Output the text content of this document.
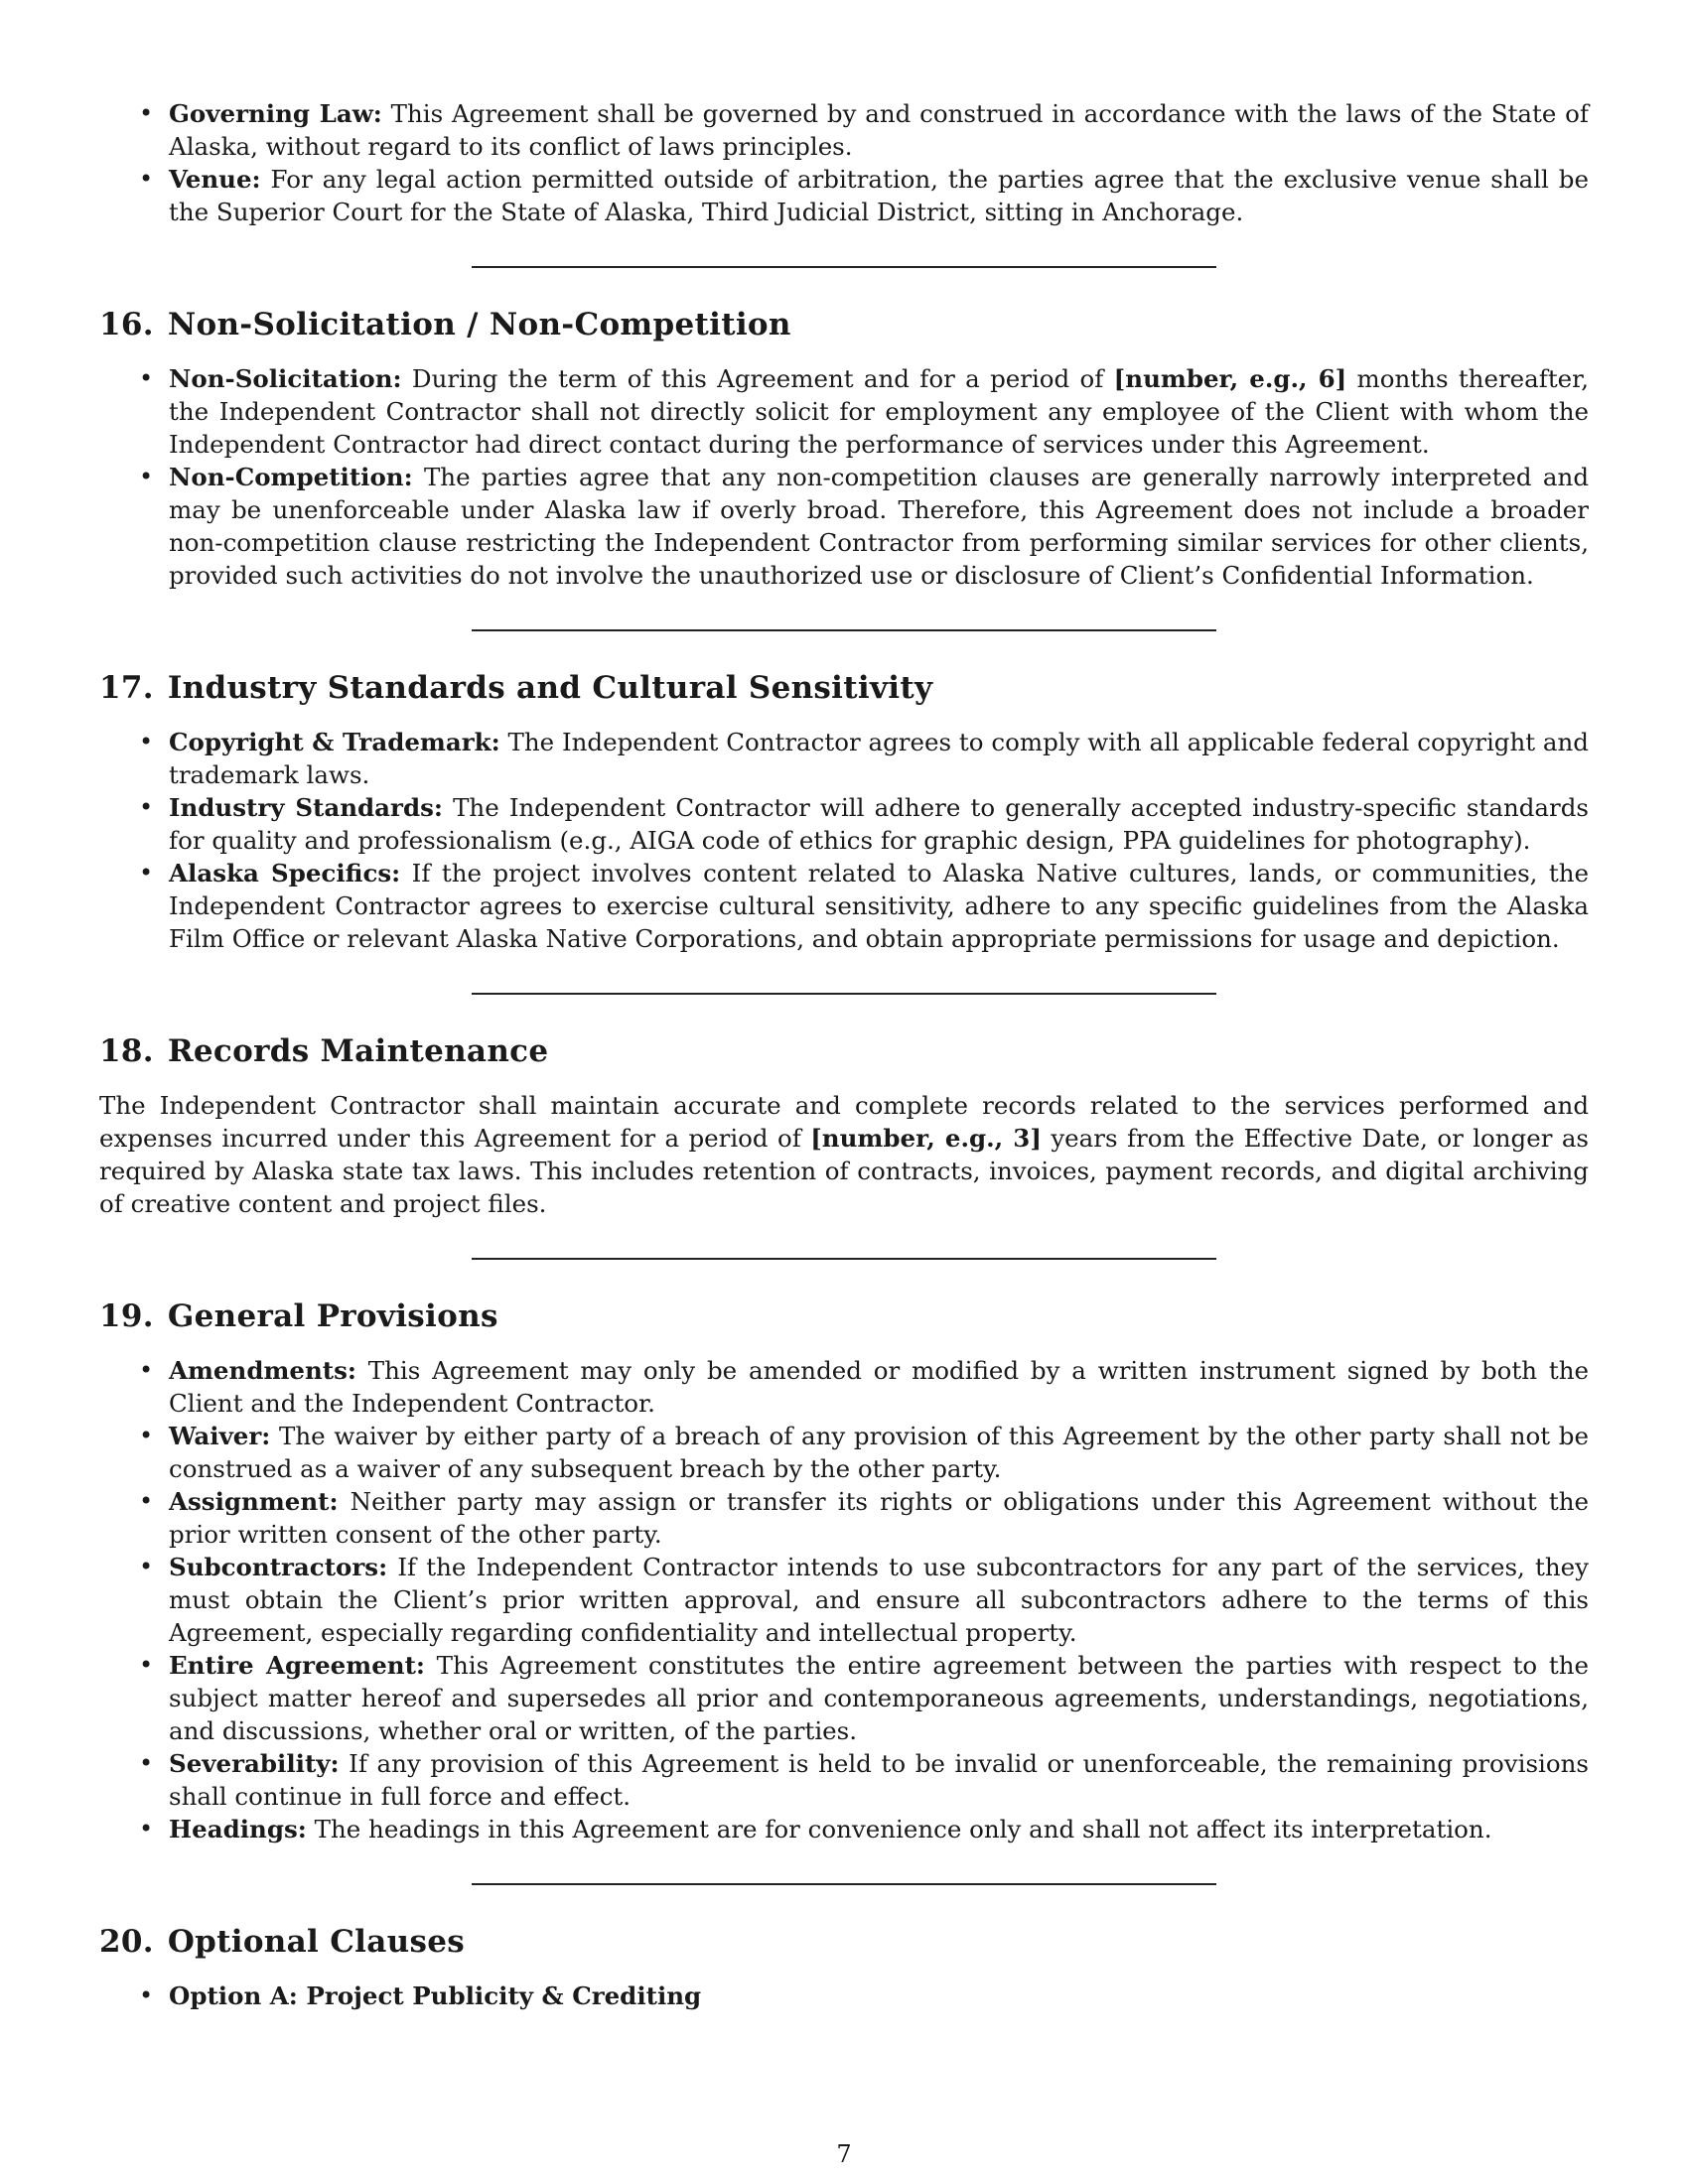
• Governing Law: This Agreement shall be governed by and construed in accordance with the laws of the State of Alaska, without regard to its conflict of laws principles.
• Venue: For any legal action permitted outside of arbitration, the parties agree that the exclusive venue shall be the Superior Court for the State of Alaska, Third Judicial District, sitting in Anchorage.
16. Non-Solicitation / Non-Competition
• Non-Solicitation: During the term of this Agreement and for a period of [number, e.g., 6] months thereafter, the Independent Contractor shall not directly solicit for employment any employee of the Client with whom the Independent Contractor had direct contact during the performance of services under this Agreement.
• Non-Competition: The parties agree that any non-competition clauses are generally narrowly interpreted and may be unenforceable under Alaska law if overly broad. Therefore, this Agreement does not include a broader non-competition clause restricting the Independent Contractor from performing similar services for other clients, provided such activities do not involve the unauthorized use or disclosure of Client’s Confidential Information.
17. Industry Standards and Cultural Sensitivity
• Copyright & Trademark: The Independent Contractor agrees to comply with all applicable federal copyright and trademark laws.
• Industry Standards: The Independent Contractor will adhere to generally accepted industry-specific standards for quality and professionalism (e.g., AIGA code of ethics for graphic design, PPA guidelines for photography).
• Alaska Specifics: If the project involves content related to Alaska Native cultures, lands, or communities, the Independent Contractor agrees to exercise cultural sensitivity, adhere to any specific guidelines from the Alaska Film Office or relevant Alaska Native Corporations, and obtain appropriate permissions for usage and depiction.
18. Records Maintenance

The Independent Contractor shall maintain accurate and complete records related to the services performed and expenses incurred under this Agreement for a period of [number, e.g., 3] years from the Effective Date, or longer as required by Alaska state tax laws. This includes retention of contracts, invoices, payment records, and digital archiving of creative content and project files.

19. General Provisions
• Amendments: This Agreement may only be amended or modified by a written instrument signed by both the Client and the Independent Contractor.
• Waiver: The waiver by either party of a breach of any provision of this Agreement by the other party shall not be construed as a waiver of any subsequent breach by the other party.
• Assignment: Neither party may assign or transfer its rights or obligations under this Agreement without the prior written consent of the other party.
• Subcontractors: If the Independent Contractor intends to use subcontractors for any part of the services, they must obtain the Client’s prior written approval, and ensure all subcontractors adhere to the terms of this Agreement, especially regarding confidentiality and intellectual property.
• Entire Agreement: This Agreement constitutes the entire agreement between the parties with respect to the subject matter hereof and supersedes all prior and contemporaneous agreements, understandings, negotiations, and discussions, whether oral or written, of the parties.
• Severability: If any provision of this Agreement is held to be invalid or unenforceable, the remaining provisions shall continue in full force and effect.
• Headings: The headings in this Agreement are for convenience only and shall not affect its interpretation.
20. Optional Clauses
• Option A: Project Publicity & Crediting
7
